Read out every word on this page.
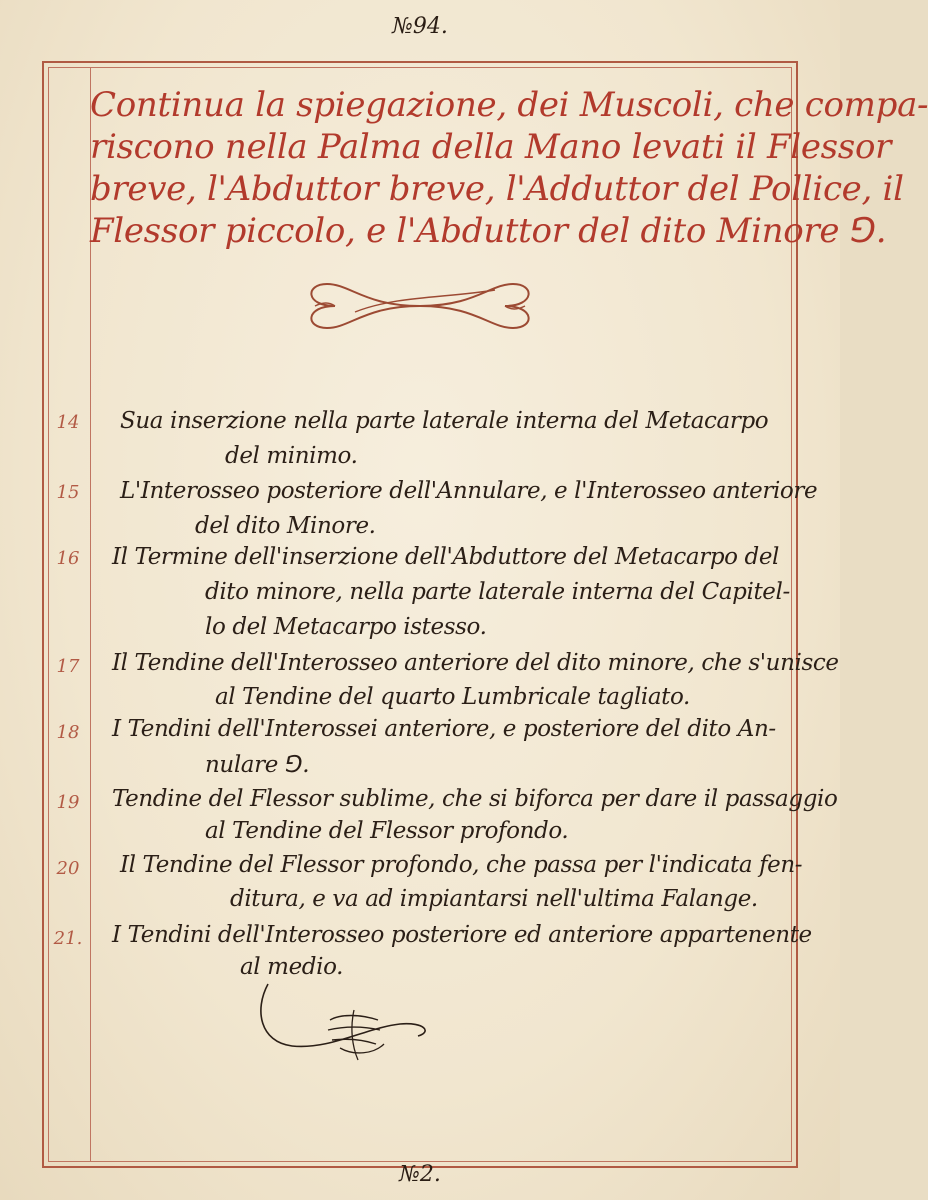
№94.
Continua la spiegazione, dei Muscoli, che compa-
riscono nella Palma della Mano levati il Flessor
breve, l'Abduttor breve, l'Adduttor del Pollice, il
Flessor piccolo, e l'Abduttor del dito Minore ⅁.
14 Sua inserzione nella parte laterale interna del Metacarpo
del minimo.
15 L'Interosseo posteriore dell'Annulare, e l'Interosseo anteriore
del dito Minore.
16 Il Termine dell'inserzione dell'Abduttore del Metacarpo del
dito minore, nella parte laterale interna del Capitel-
lo del Metacarpo istesso.
17 Il Tendine dell'Interosseo anteriore del dito minore, che s'unisce
al Tendine del quarto Lumbricale tagliato.
18 I Tendini dell'Interossei anteriore, e posteriore del dito An-
nulare ⅁.
19 Tendine del Flessor sublime, che si biforca per dare il passaggio
al Tendine del Flessor profondo.
20 Il Tendine del Flessor profondo, che passa per l'indicata fen-
ditura, e va ad impiantarsi nell'ultima Falange.
21. I Tendini dell'Interosseo posteriore ed anteriore appartenente
al medio.
№2.
